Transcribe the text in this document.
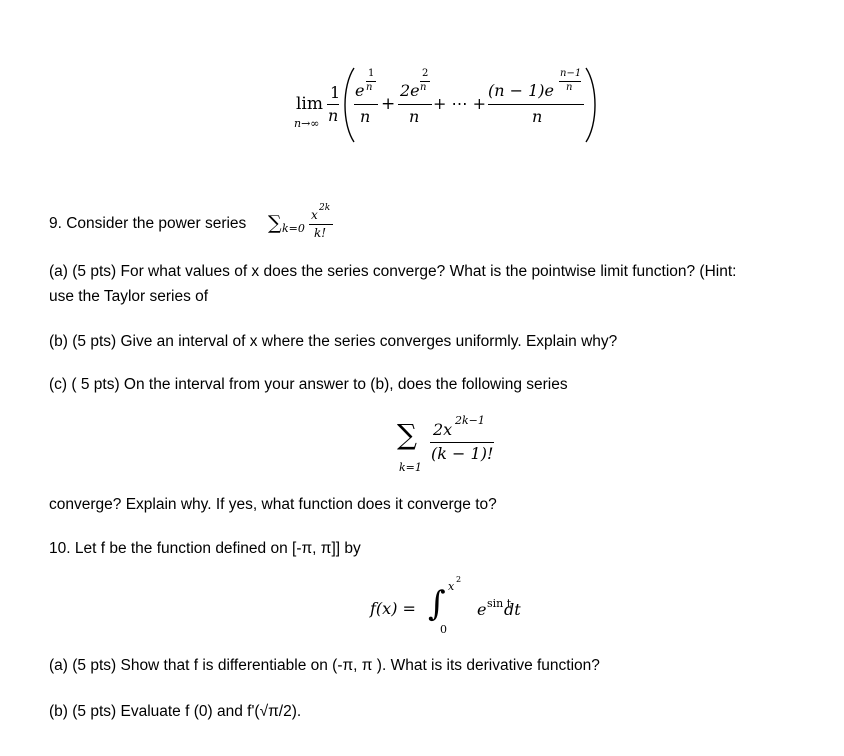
lim
n→∞
1
n
1
e n
n
+
2
2e n
n
+ ⋯ +
n−1
(n − 1)e n
n
9. Consider the power series ∑ k=0
x 2k
k!
(a) (5 pts) For what values of x does the series converge? What is the pointwise limit function? (Hint:
use the Taylor series of
(b) (5 pts) Give an interval of x where the series converges uniformly. Explain why?
(c) ( 5 pts) On the interval from your answer to (b), does the following series
∑
k=1
2x 2k−1
(k − 1)!
converge? Explain why. If yes, what function does it converge to?
10. Let f be the function defined on [-π, π]] by
f(x) = ∫ x
2
0
e sin t
dt
(a) (5 pts) Show that f is differentiable on (-π, π ). What is its derivative function?
(b) (5 pts) Evaluate f (0) and f'(√π/2).
